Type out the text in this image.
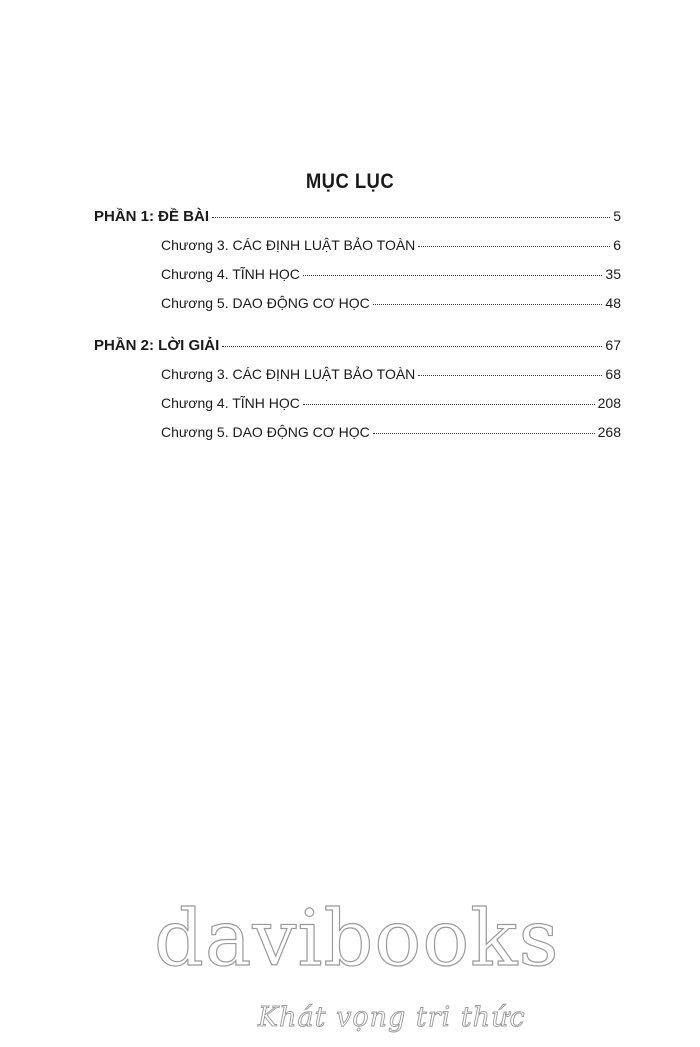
MỤC LỤC
PHẦN 1: ĐỀ BÀI	5
Chương 3. CÁC ĐỊNH LUẬT BẢO TOÀN	6
Chương 4. TĨNH HỌC	35
Chương 5. DAO ĐỘNG CƠ HỌC	48
PHẦN 2: LỜI GIẢI	67
Chương 3. CÁC ĐỊNH LUẬT BẢO TOÀN	68
Chương 4. TĨNH HỌC	208
Chương 5. DAO ĐỘNG CƠ HỌC	268
davibooks
Khát vọng tri thức
